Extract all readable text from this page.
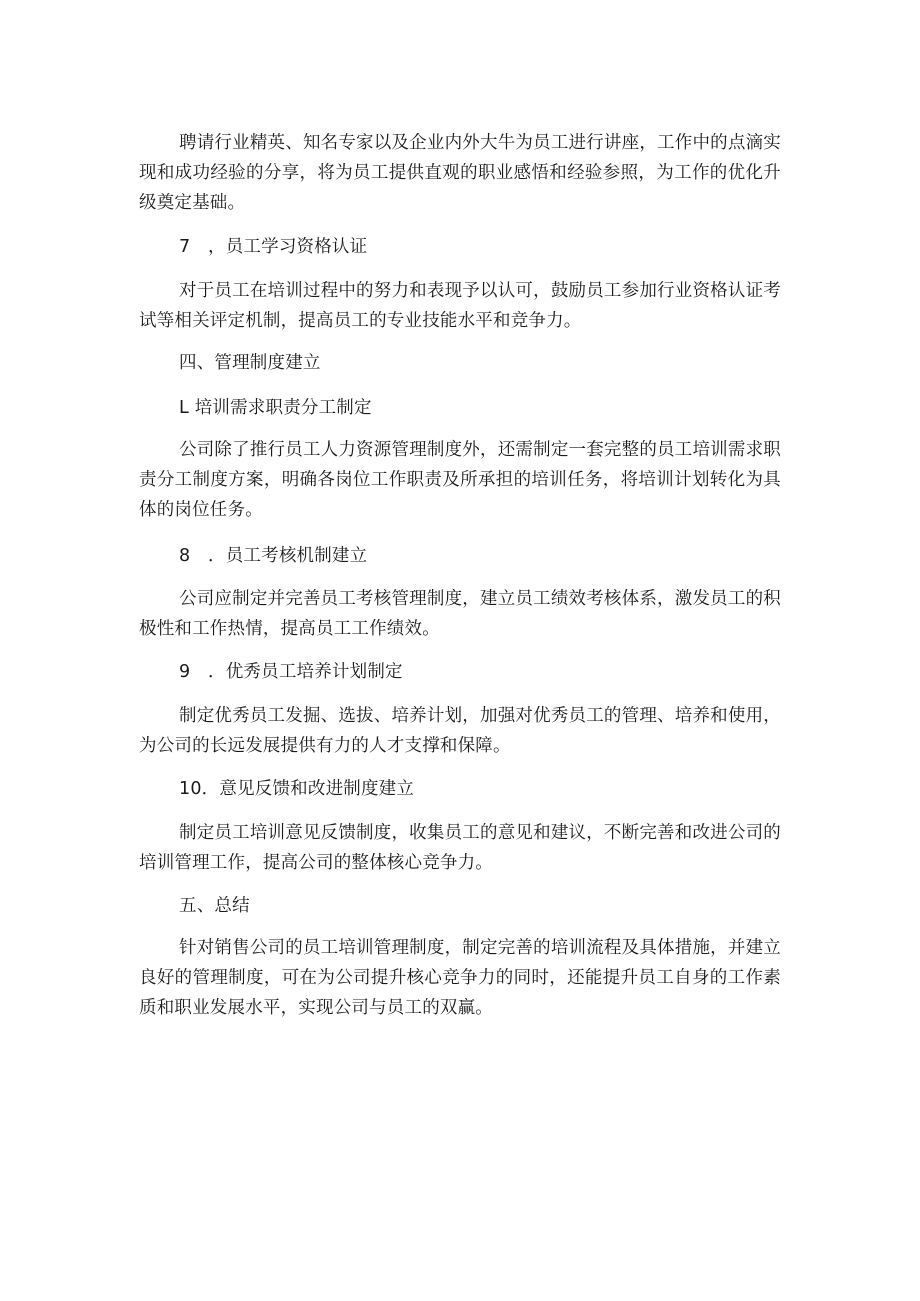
聘请行业精英、知名专家以及企业内外大牛为员工进行讲座，工作中的点滴实现和成功经验的分享，将为员工提供直观的职业感悟和经验参照，为工作的优化升级奠定基础。
7　，员工学习资格认证
对于员工在培训过程中的努力和表现予以认可，鼓励员工参加行业资格认证考试等相关评定机制，提高员工的专业技能水平和竞争力。
四、管理制度建立
L 培训需求职责分工制定
公司除了推行员工人力资源管理制度外，还需制定一套完整的员工培训需求职责分工制度方案，明确各岗位工作职责及所承担的培训任务，将培训计划转化为具体的岗位任务。
8　．员工考核机制建立
公司应制定并完善员工考核管理制度，建立员工绩效考核体系，激发员工的积极性和工作热情，提高员工工作绩效。
9　．优秀员工培养计划制定
制定优秀员工发掘、选拔、培养计划，加强对优秀员工的管理、培养和使用，为公司的长远发展提供有力的人才支撑和保障。
10．意见反馈和改进制度建立
制定员工培训意见反馈制度，收集员工的意见和建议，不断完善和改进公司的培训管理工作，提高公司的整体核心竞争力。
五、总结
针对销售公司的员工培训管理制度，制定完善的培训流程及具体措施，并建立良好的管理制度，可在为公司提升核心竞争力的同时，还能提升员工自身的工作素质和职业发展水平，实现公司与员工的双赢。
